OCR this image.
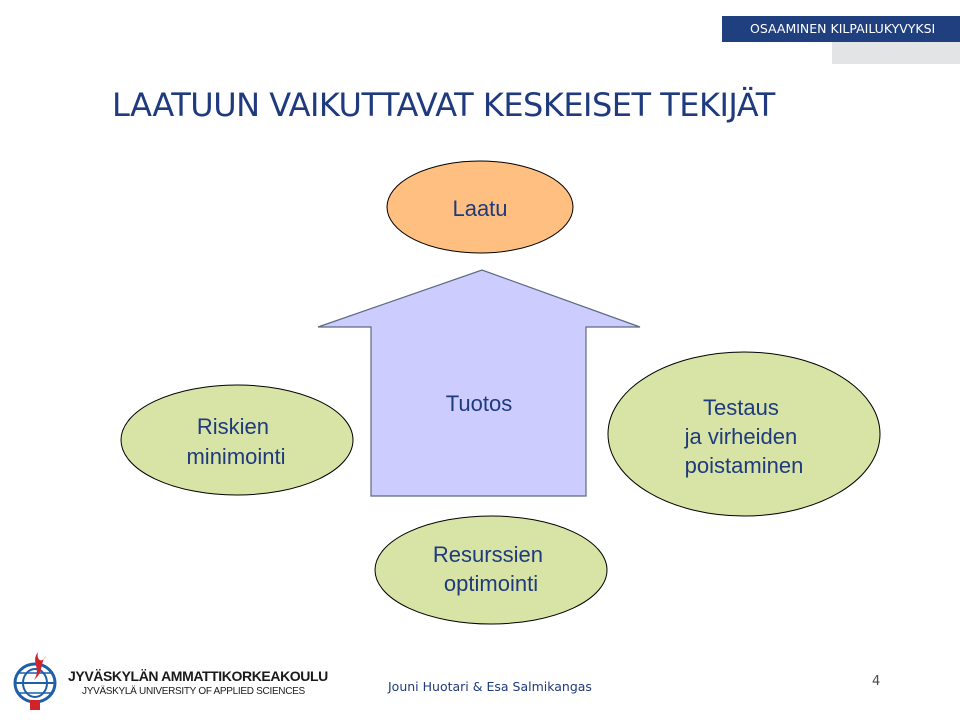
OSAAMINEN KILPAILUKYVYKSI
LAATUUN VAIKUTTAVAT KESKEISET TEKIJÄT
Laatu
Tuotos
Riskien minimointi
Testaus ja virheiden poistaminen
Resurssien optimointi
JYVÄSKYLÄN AMMATTIKORKEAKOULU
JYVÄSKYLÄ UNIVERSITY OF APPLIED SCIENCES	Jouni Huotari & Esa Salmikangas	4
